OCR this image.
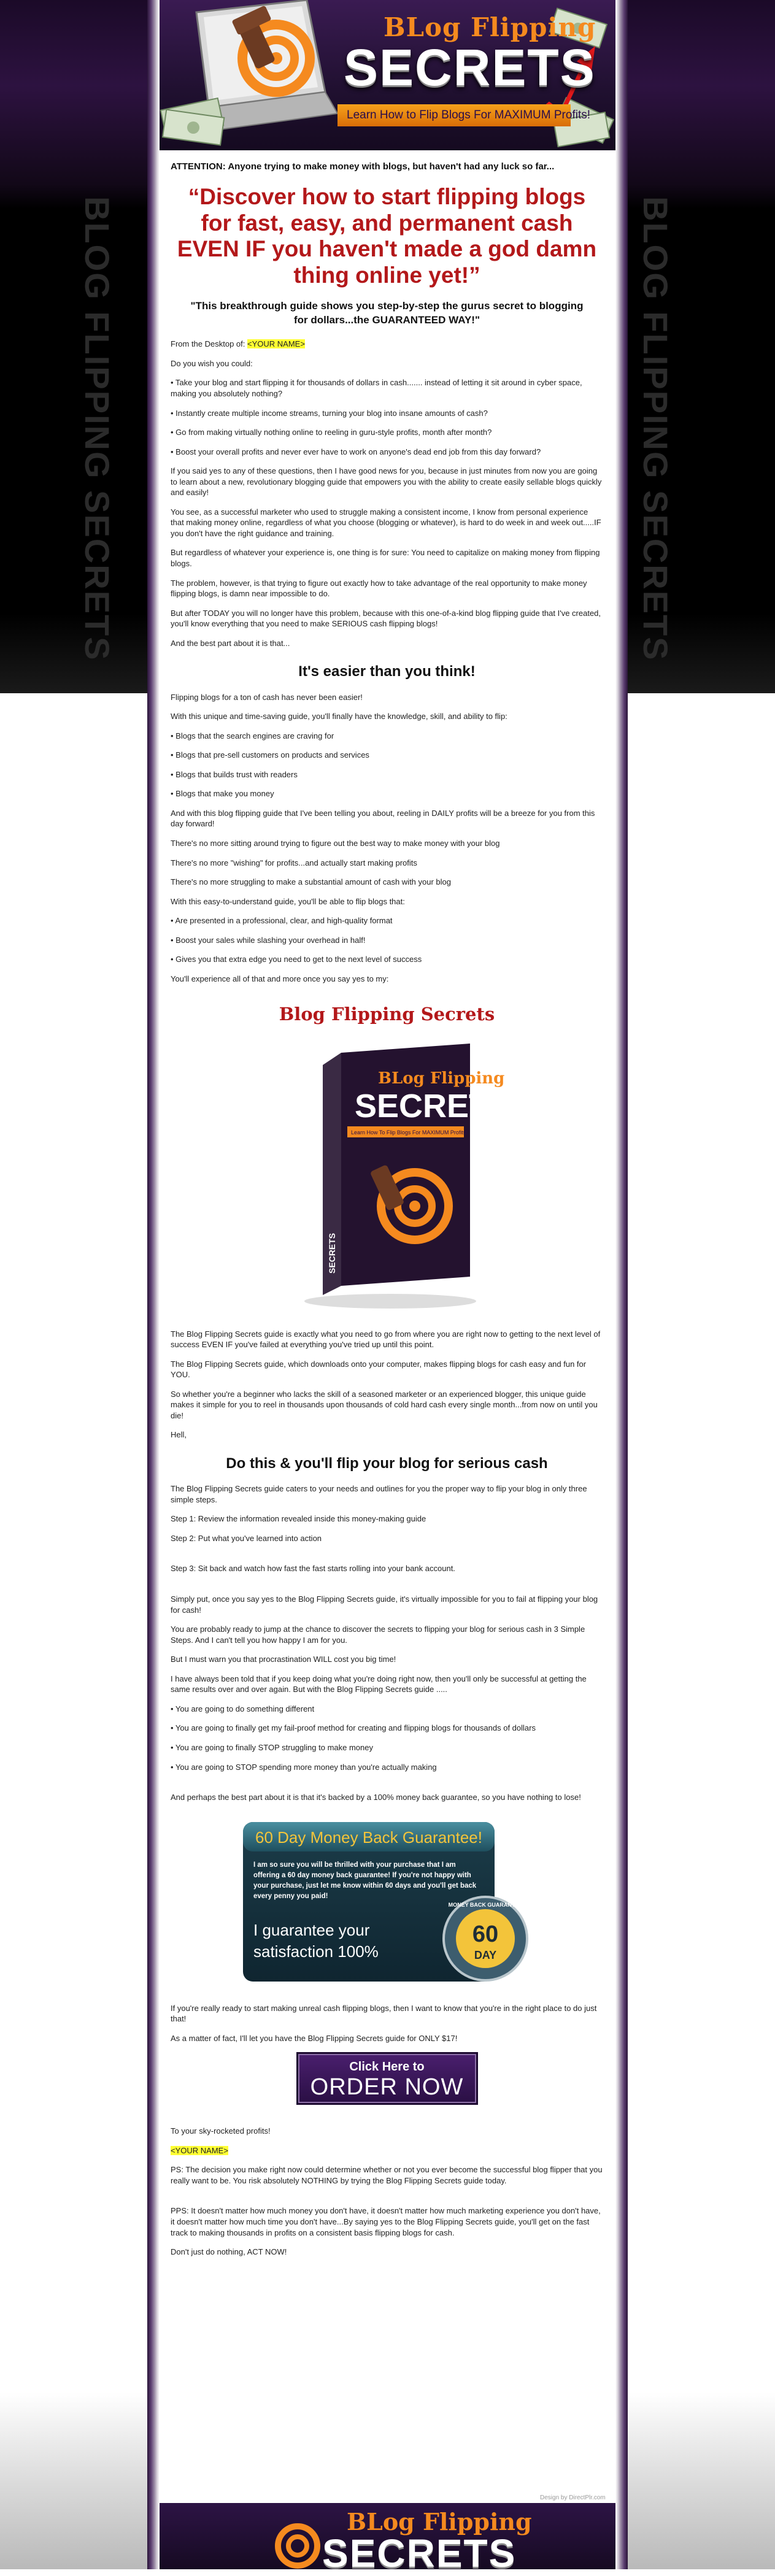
BLOG FLIPPING SECRETS	BLOG FLIPPING SECRETS
BLog Flipping
SECRETS
Learn How to Flip Blogs For MAXIMUM Profits!

ATTENTION: Anyone trying to make money with blogs, but haven't had any luck so far...

“Discover how to start flipping blogs for fast, easy, and permanent cash EVEN IF you haven't made a god damn thing online yet!”

"This breakthrough guide shows you step-by-step the gurus secret to blogging for dollars...the GUARANTEED WAY!"

From the Desktop of: <YOUR NAME>

Do you wish you could:

• Take your blog and start flipping it for thousands of dollars in cash....... instead of letting it sit around in cyber space, making you absolutely nothing?

• Instantly create multiple income streams, turning your blog into insane amounts of cash?

• Go from making virtually nothing online to reeling in guru-style profits, month after month?

• Boost your overall profits and never ever have to work on anyone's dead end job from this day forward?

If you said yes to any of these questions, then I have good news for you, because in just minutes from now you are going to learn about a new, revolutionary blogging guide that empowers you with the ability to create easily sellable blogs quickly and easily!

You see, as a successful marketer who used to struggle making a consistent income, I know from personal experience that making money online, regardless of what you choose (blogging or whatever), is hard to do week in and week out.....IF you don't have the right guidance and training.

But regardless of whatever your experience is, one thing is for sure: You need to capitalize on making money from flipping blogs.

The problem, however, is that trying to figure out exactly how to take advantage of the real opportunity to make money flipping blogs, is damn near impossible to do.

But after TODAY you will no longer have this problem, because with this one-of-a-kind blog flipping guide that I've created, you'll know everything that you need to make SERIOUS cash flipping blogs!

And the best part about it is that...

It's easier than you think!

Flipping blogs for a ton of cash has never been easier!

With this unique and time-saving guide, you'll finally have the knowledge, skill, and ability to flip:

• Blogs that the search engines are craving for

• Blogs that pre-sell customers on products and services

• Blogs that builds trust with readers

• Blogs that make you money

And with this blog flipping guide that I've been telling you about, reeling in DAILY profits will be a breeze for you from this day forward!

There's no more sitting around trying to figure out the best way to make money with your blog

There's no more "wishing" for profits...and actually start making profits

There's no more struggling to make a substantial amount of cash with your blog

With this easy-to-understand guide, you'll be able to flip blogs that:

• Are presented in a professional, clear, and high-quality format

• Boost your sales while slashing your overhead in half!

• Gives you that extra edge you need to get to the next level of success

You'll experience all of that and more once you say yes to my:

Blog Flipping Secrets

BLog Flipping
SECRETS
Learn How To Flip Blogs For MAXIMUM Profits!
SECRETS

The Blog Flipping Secrets guide is exactly what you need to go from where you are right now to getting to the next level of success EVEN IF you've failed at everything you've tried up until this point.

The Blog Flipping Secrets guide, which downloads onto your computer, makes flipping blogs for cash easy and fun for YOU.

So whether you're a beginner who lacks the skill of a seasoned marketer or an experienced blogger, this unique guide makes it simple for you to reel in thousands upon thousands of cold hard cash every single month...from now on until you die!

Hell,

Do this & you'll flip your blog for serious cash

The Blog Flipping Secrets guide caters to your needs and outlines for you the proper way to flip your blog in only three simple steps.

Step 1: Review the information revealed inside this money-making guide

Step 2: Put what you've learned into action

Step 3: Sit back and watch how fast the fast starts rolling into your bank account.

Simply put, once you say yes to the Blog Flipping Secrets guide, it's virtually impossible for you to fail at flipping your blog for cash!

You are probably ready to jump at the chance to discover the secrets to flipping your blog for serious cash in 3 Simple Steps. And I can't tell you how happy I am for you.

But I must warn you that procrastination WILL cost you big time!

I have always been told that if you keep doing what you're doing right now, then you'll only be successful at getting the same results over and over again. But with the Blog Flipping Secrets guide .....

• You are going to do something different

• You are going to finally get my fail-proof method for creating and flipping blogs for thousands of dollars

• You are going to finally STOP struggling to make money

• You are going to STOP spending more money than you're actually making

And perhaps the best part about it is that it's backed by a 100% money back guarantee, so you have nothing to lose!

60 Day Money Back Guarantee!
I am so sure you will be thrilled with your purchase that I am
offering a 60 day money back guarantee! If you're not happy with
your purchase, just let me know within 60 days and you'll get back
every penny you paid!
I guarantee your
satisfaction 100%
60
DAY
MONEY BACK GUARANTEE

If you're really ready to start making unreal cash flipping blogs, then I want to know that you're in the right place to do just that!

As a matter of fact, I'll let you have the Blog Flipping Secrets guide for ONLY $17!

Click Here to
ORDER NOW

To your sky-rocketed profits!

<YOUR NAME>

PS: The decision you make right now could determine whether or not you ever become the successful blog flipper that you really want to be. You risk absolutely NOTHING by trying the Blog Flipping Secrets guide today.

PPS: It doesn't matter how much money you don't have, it doesn't matter how much marketing experience you don't have, it doesn't matter how much time you don't have...By saying yes to the Blog Flipping Secrets guide, you'll get on the fast track to making thousands in profits on a consistent basis flipping blogs for cash.

Don't just do nothing, ACT NOW!

Design by DirectPlr.com
BLog Flipping
SECRETS
